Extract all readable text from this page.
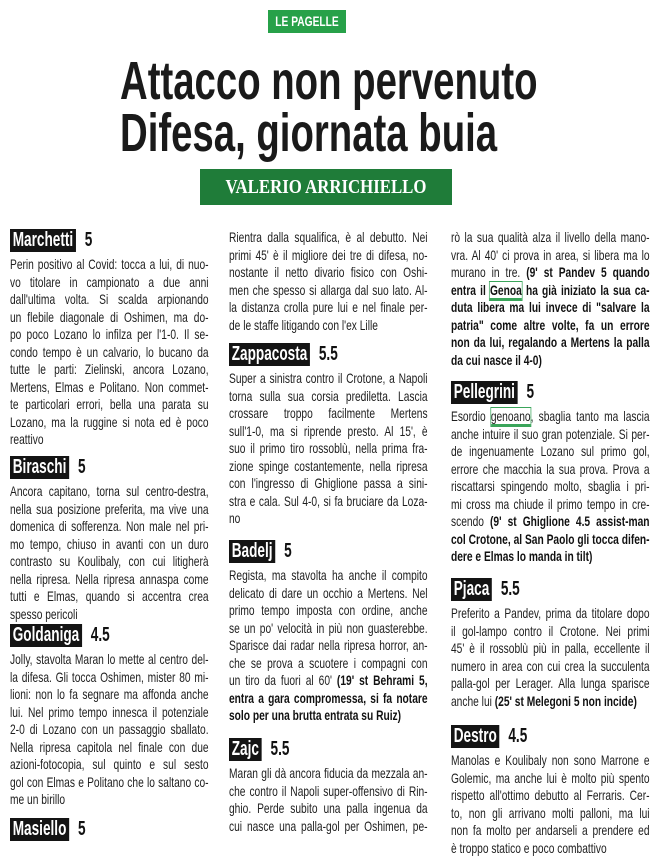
LE PAGELLE
Attacco non pervenuto
Difesa, giornata buia
VALERIO ARRICHIELLO
Marchetti 5
Perin positivo al Covid: tocca a lui, di nuo-
vo titolare in campionato a due anni
dall'ultima volta. Si scalda arpionando
un flebile diagonale di Oshimen, ma do-
po poco Lozano lo infilza per l'1-0. Il se-
condo tempo è un calvario, lo bucano da
tutte le parti: Zielinski, ancora Lozano,
Mertens, Elmas e Politano. Non commet-
te particolari errori, bella una parata su
Lozano, ma la ruggine si nota ed è poco
reattivo
Biraschi 5
Ancora capitano, torna sul centro-destra,
nella sua posizione preferita, ma vive una
domenica di sofferenza. Non male nel pri-
mo tempo, chiuso in avanti con un duro
contrasto su Koulibaly, con cui litigherà
nella ripresa. Nella ripresa annaspa come
tutti e Elmas, quando si accentra crea
spesso pericoli
Goldaniga 4.5
Jolly, stavolta Maran lo mette al centro del-
la difesa. Gli tocca Oshimen, mister 80 mi-
lioni: non lo fa segnare ma affonda anche
lui. Nel primo tempo innesca il potenziale
2-0 di Lozano con un passaggio sballato.
Nella ripresa capitola nel finale con due
azioni-fotocopia, sul quinto e sul sesto
gol con Elmas e Politano che lo saltano co-
me un birillo
Masiello 5
Rientra dalla squalifica, è al debutto. Nei
primi 45' è il migliore dei tre di difesa, no-
nostante il netto divario fisico con Oshi-
men che spesso si allarga dal suo lato. Al-
la distanza crolla pure lui e nel finale per-
de le staffe litigando con l'ex Lille
Zappacosta 5.5
Super a sinistra contro il Crotone, a Napoli
torna sulla sua corsia prediletta. Lascia
crossare troppo facilmente Mertens
sull'1-0, ma si riprende presto. Al 15', è
suo il primo tiro rossoblù, nella prima fra-
zione spinge costantemente, nella ripresa
con l'ingresso di Ghiglione passa a sini-
stra e cala. Sul 4-0, si fa bruciare da Loza-
no
Badelj 5
Regista, ma stavolta ha anche il compito
delicato di dare un occhio a Mertens. Nel
primo tempo imposta con ordine, anche
se un po' velocità in più non guasterebbe.
Sparisce dai radar nella ripresa horror, an-
che se prova a scuotere i compagni con
un tiro da fuori al 60' (19' st Behrami 5,
entra a gara compromessa, si fa notare
solo per una brutta entrata su Ruiz)
Zajc 5.5
Maran gli dà ancora fiducia da mezzala an-
che contro il Napoli super-offensivo di Rin-
ghio. Perde subito una palla ingenua da
cui nasce una palla-gol per Oshimen, pe-
rò la sua qualità alza il livello della mano-
vra. Al 40' ci prova in area, si libera ma lo
murano in tre. (9' st Pandev 5 quando
entra il Genoa ha già iniziato la sua ca-
duta libera ma lui invece di "salvare la
patria" come altre volte, fa un errore
non da lui, regalando a Mertens la palla
da cui nasce il 4-0)
Pellegrini 5
Esordio genoano, sbaglia tanto ma lascia
anche intuire il suo gran potenziale. Si per-
de ingenuamente Lozano sul primo gol,
errore che macchia la sua prova. Prova a
riscattarsi spingendo molto, sbaglia i pri-
mi cross ma chiude il primo tempo in cre-
scendo (9' st Ghiglione 4.5 assist-man
col Crotone, al San Paolo gli tocca difen-
dere e Elmas lo manda in tilt)
Pjaca 5.5
Preferito a Pandev, prima da titolare dopo
il gol-lampo contro il Crotone. Nei primi
45' è il rossoblù più in palla, eccellente il
numero in area con cui crea la succulenta
palla-gol per Lerager. Alla lunga sparisce
anche lui (25' st Melegoni 5 non incide)
Destro 4.5
Manolas e Koulibaly non sono Marrone e
Golemic, ma anche lui è molto più spento
rispetto all'ottimo debutto al Ferraris. Cer-
to, non gli arrivano molti palloni, ma lui
non fa molto per andarseli a prendere ed
è troppo statico e poco combattivo
